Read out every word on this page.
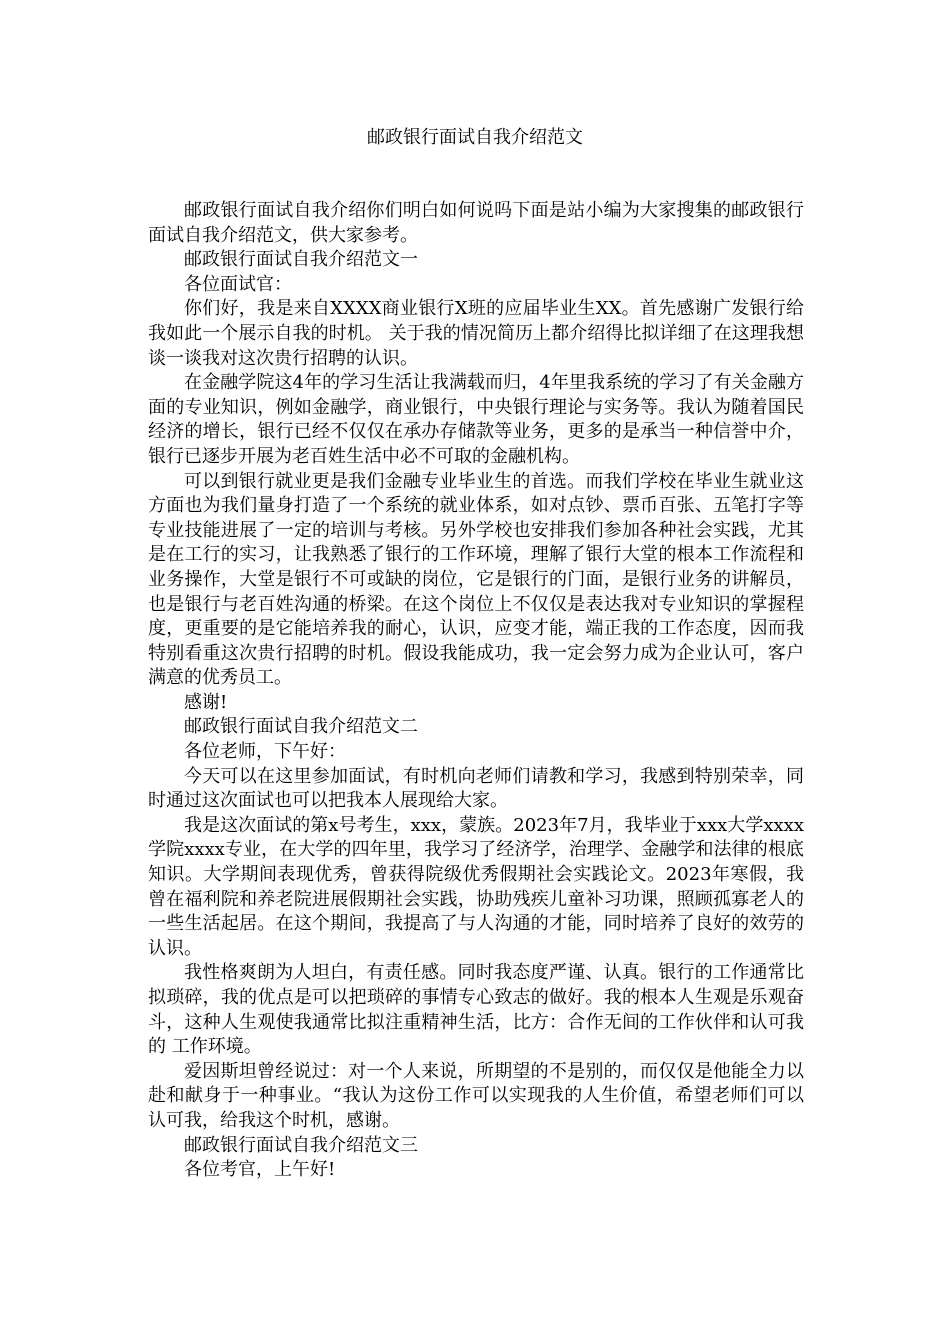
邮政银行面试自我介绍范文

邮政银行面试自我介绍你们明白如何说吗下面是站小编为大家搜集的邮政银行面试自我介绍范文，供大家参考。

邮政银行面试自我介绍范文一

各位面试官：

你们好，我是来自XXXX商业银行X班的应届毕业生XX。首先感谢广发银行给我如此一个展示自我的时机。 关于我的情况简历上都介绍得比拟详细了在这理我想谈一谈我对这次贵行招聘的认识。

在金融学院这4年的学习生活让我满载而归，4年里我系统的学习了有关金融方面的专业知识，例如金融学，商业银行，中央银行理论与实务等。我认为随着国民经济的增长，银行已经不仅仅在承办存储款等业务，更多的是承当一种信誉中介，银行已逐步开展为老百姓生活中必不可取的金融机构。

可以到银行就业更是我们金融专业毕业生的首选。而我们学校在毕业生就业这方面也为我们量身打造了一个系统的就业体系，如对点钞、票币百张、五笔打字等专业技能进展了一定的培训与考核。另外学校也安排我们参加各种社会实践，尤其是在工行的实习，让我熟悉了银行的工作环境，理解了银行大堂的根本工作流程和业务操作，大堂是银行不可或缺的岗位，它是银行的门面，是银行业务的讲解员，也是银行与老百姓沟通的桥梁。在这个岗位上不仅仅是表达我对专业知识的掌握程度，更重要的是它能培养我的耐心，认识，应变才能，端正我的工作态度，因而我特别看重这次贵行招聘的时机。假设我能成功，我一定会努力成为企业认可，客户满意的优秀员工。

感谢!

邮政银行面试自我介绍范文二

各位老师，下午好：

今天可以在这里参加面试，有时机向老师们请教和学习，我感到特别荣幸，同时通过这次面试也可以把我本人展现给大家。

我是这次面试的第x号考生，xxx，蒙族。2023年7月，我毕业于xxx大学xxxx学院xxxx专业，在大学的四年里，我学习了经济学，治理学、金融学和法律的根底知识。大学期间表现优秀，曾获得院级优秀假期社会实践论文。2023年寒假，我曾在福利院和养老院进展假期社会实践，协助残疾儿童补习功课，照顾孤寡老人的一些生活起居。在这个期间，我提高了与人沟通的才能，同时培养了良好的效劳的认识。

我性格爽朗为人坦白，有责任感。同时我态度严谨、认真。银行的工作通常比拟琐碎，我的优点是可以把琐碎的事情专心致志的做好。我的根本人生观是乐观奋斗，这种人生观使我通常比拟注重精神生活，比方：合作无间的工作伙伴和认可我的 工作环境。

爱因斯坦曾经说过：对一个人来说，所期望的不是别的，而仅仅是他能全力以赴和献身于一种事业。“我认为这份工作可以实现我的人生价值，希望老师们可以认可我，给我这个时机，感谢。

邮政银行面试自我介绍范文三

各位考官，上午好!
